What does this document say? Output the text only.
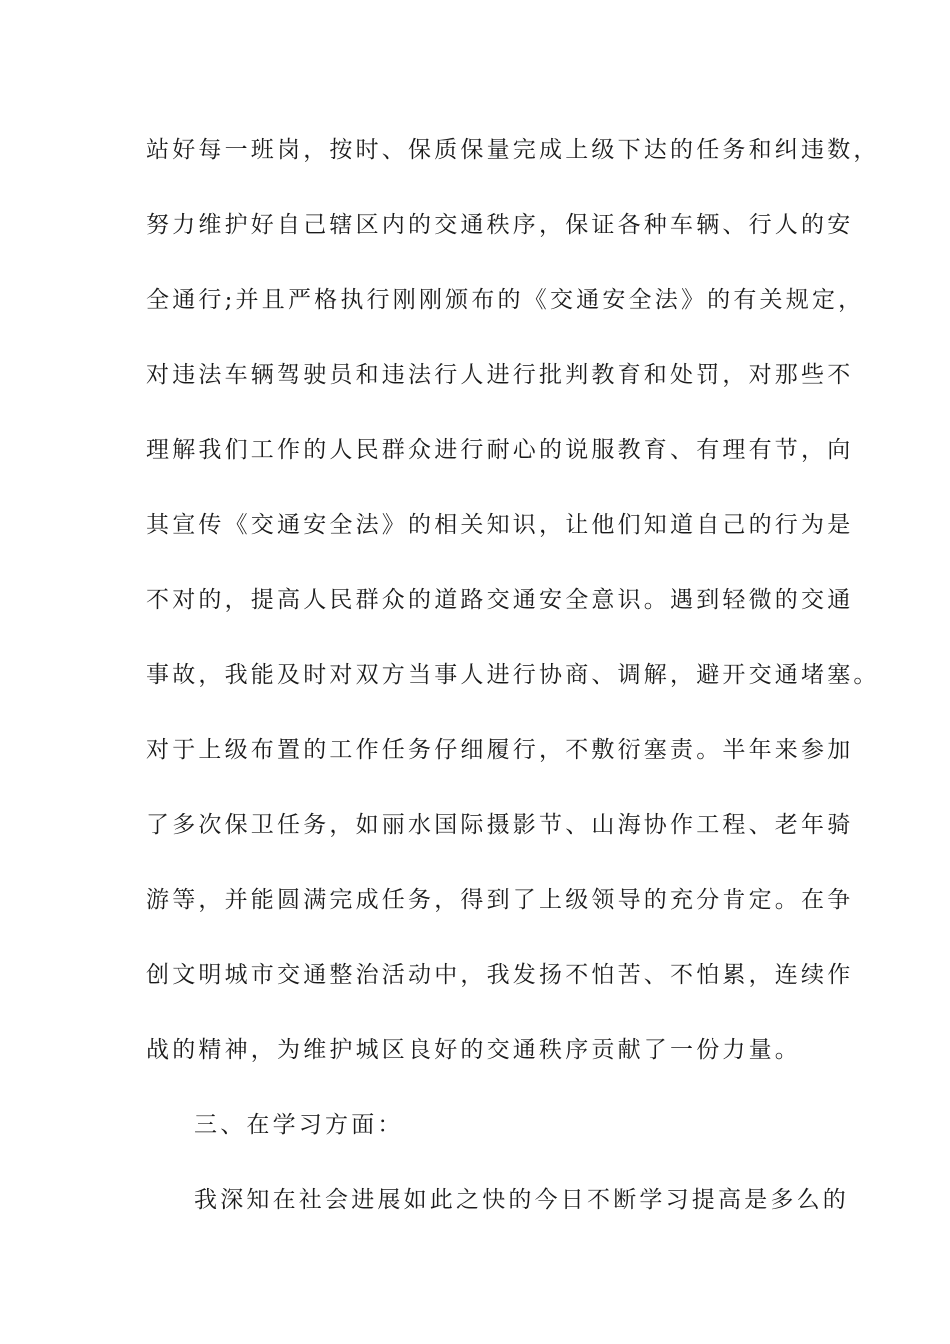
站好每一班岗，按时、保质保量完成上级下达的任务和纠违数，
努力维护好自己辖区内的交通秩序，保证各种车辆、行人的安
全通行;并且严格执行刚刚颁布的《交通安全法》的有关规定，
对违法车辆驾驶员和违法行人进行批判教育和处罚，对那些不
理解我们工作的人民群众进行耐心的说服教育、有理有节，向
其宣传《交通安全法》的相关知识，让他们知道自己的行为是
不对的，提高人民群众的道路交通安全意识。遇到轻微的交通
事故，我能及时对双方当事人进行协商、调解，避开交通堵塞。
对于上级布置的工作任务仔细履行，不敷衍塞责。半年来参加
了多次保卫任务，如丽水国际摄影节、山海协作工程、老年骑
游等，并能圆满完成任务，得到了上级领导的充分肯定。在争
创文明城市交通整治活动中，我发扬不怕苦、不怕累，连续作
战的精神，为维护城区良好的交通秩序贡献了一份力量。
三、在学习方面：
我深知在社会进展如此之快的今日不断学习提高是多么的
